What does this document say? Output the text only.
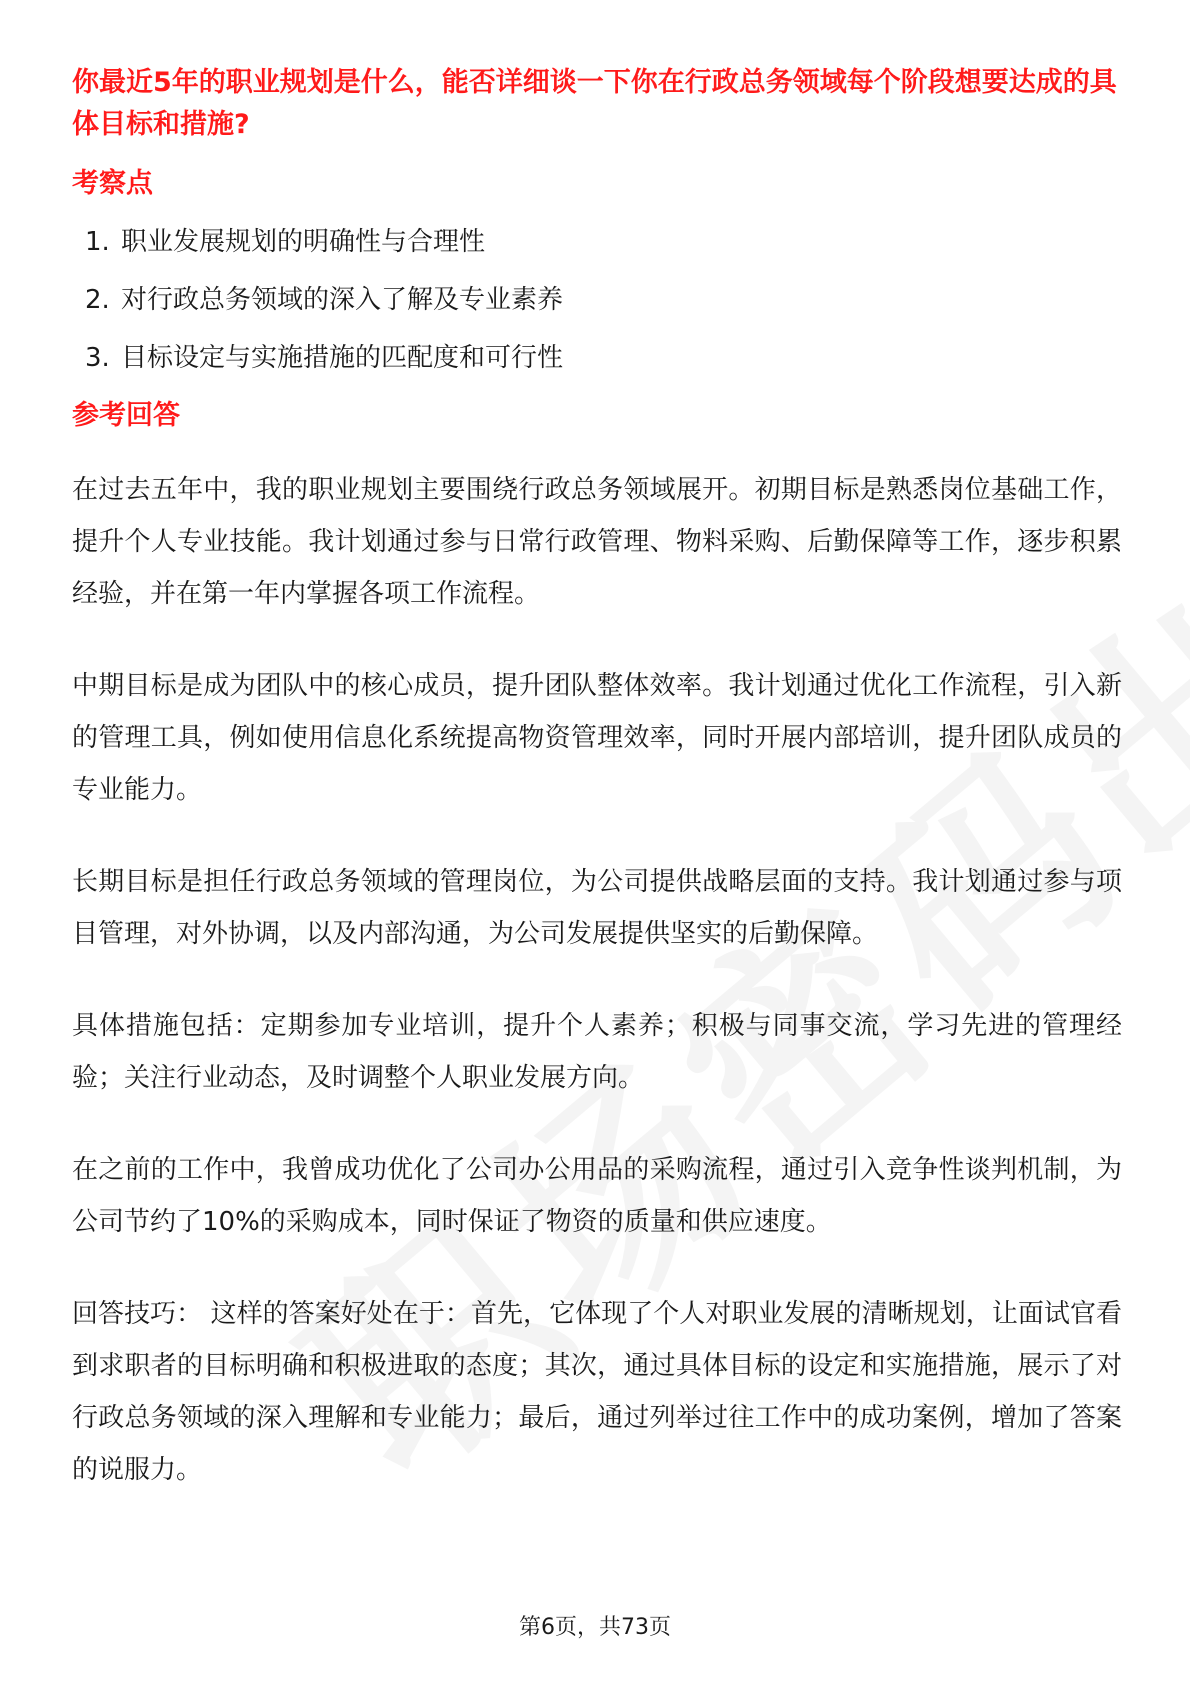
你最近5年的职业规划是什么，能否详细谈一下你在行政总务领域每个阶段想要达成的具体目标和措施?
考察点
1. 职业发展规划的明确性与合理性
2. 对行政总务领域的深入了解及专业素养
3. 目标设定与实施措施的匹配度和可行性
参考回答

在过去五年中，我的职业规划主要围绕行政总务领域展开。初期目标是熟悉岗位基础工作，提升个人专业技能。我计划通过参与日常行政管理、物料采购、后勤保障等工作，逐步积累经验，并在第一年内掌握各项工作流程。

中期目标是成为团队中的核心成员，提升团队整体效率。我计划通过优化工作流程，引入新的管理工具，例如使用信息化系统提高物资管理效率，同时开展内部培训，提升团队成员的专业能力。

长期目标是担任行政总务领域的管理岗位，为公司提供战略层面的支持。我计划通过参与项目管理，对外协调，以及内部沟通，为公司发展提供坚实的后勤保障。

具体措施包括：定期参加专业培训，提升个人素养；积极与同事交流，学习先进的管理经验；关注行业动态，及时调整个人职业发展方向。

在之前的工作中，我曾成功优化了公司办公用品的采购流程，通过引入竞争性谈判机制，为公司节约了10%的采购成本，同时保证了物资的质量和供应速度。

回答技巧： 这样的答案好处在于：首先，它体现了个人对职业发展的清晰规划，让面试官看到求职者的目标明确和积极进取的态度；其次，通过具体目标的设定和实施措施，展示了对行政总务领域的深入理解和专业能力；最后，通过列举过往工作中的成功案例，增加了答案的说服力。

第6页，共73页
